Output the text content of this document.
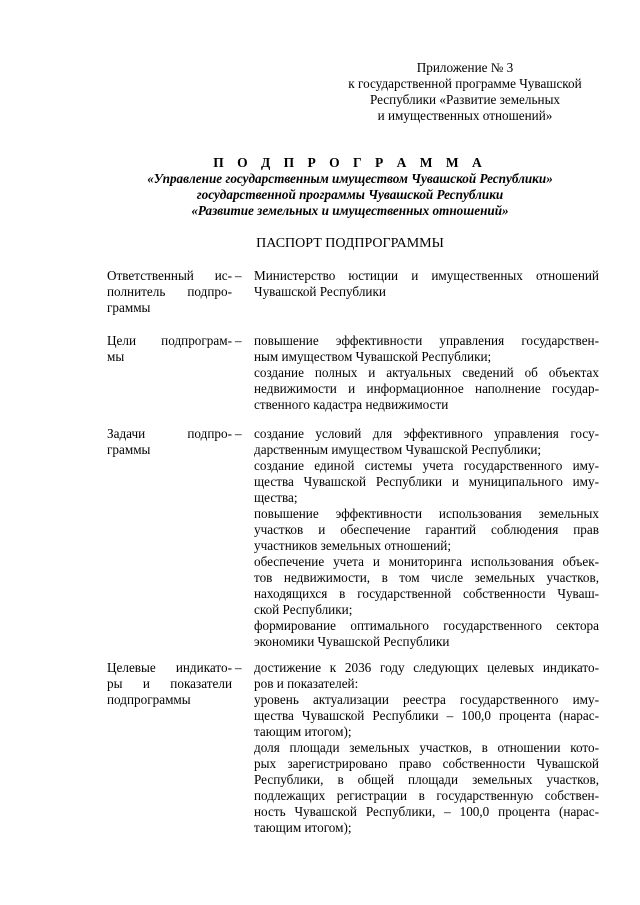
Приложение № 3
к государственной программе Чувашской
Республики «Развитие земельных
и имущественных отношений»
П О Д П Р О Г Р А М М А
«Управление государственным имуществом Чувашской Республики»
государственной программы Чувашской Республики
«Развитие земельных и имущественных отношений»
ПАСПОРТ ПОДПРОГРАММЫ
Ответственный ис-
полнитель подпро-
граммы
– Министерство юстиции и имущественных отношений
Чувашской Республики
Цели подпрограм-
мы
– повышение эффективности управления государствен-
ным имуществом Чувашской Республики;
создание полных и актуальных сведений об объектах
недвижимости и информационное наполнение государ-
ственного кадастра недвижимости
Задачи подпро-
граммы
– создание условий для эффективного управления госу-
дарственным имуществом Чувашской Республики;
создание единой системы учета государственного иму-
щества Чувашской Республики и муниципального иму-
щества;
повышение эффективности использования земельных
участков и обеспечение гарантий соблюдения прав
участников земельных отношений;
обеспечение учета и мониторинга использования объек-
тов недвижимости, в том числе земельных участков,
находящихся в государственной собственности Чуваш-
ской Республики;
формирование оптимального государственного сектора
экономики Чувашской Республики
Целевые индикато-
ры и показатели
подпрограммы
– достижение к 2036 году следующих целевых индикато-
ров и показателей:
уровень актуализации реестра государственного иму-
щества Чувашской Республики – 100,0 процента (нарас-
тающим итогом);
доля площади земельных участков, в отношении кото-
рых зарегистрировано право собственности Чувашской
Республики, в общей площади земельных участков,
подлежащих регистрации в государственную собствен-
ность Чувашской Республики, – 100,0 процента (нарас-
тающим итогом);
